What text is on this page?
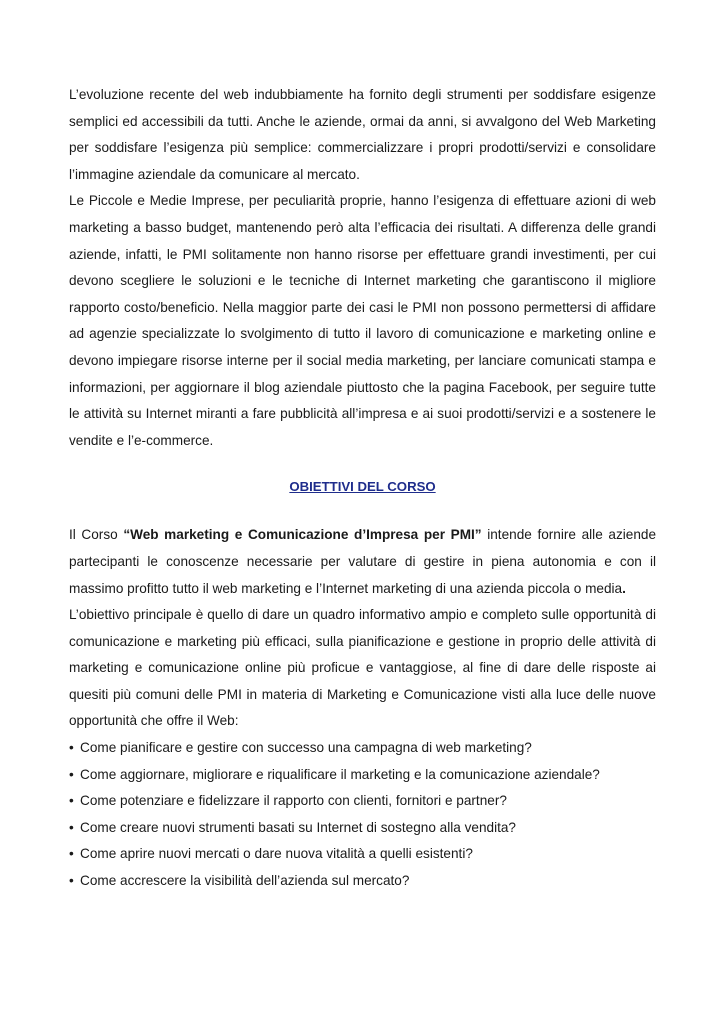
L’evoluzione recente del web indubbiamente ha fornito degli strumenti per soddisfare esigenze semplici ed accessibili da tutti. Anche le aziende, ormai da anni, si avvalgono del Web Marketing per soddisfare l’esigenza più semplice: commercializzare i propri prodotti/servizi e consolidare l’immagine aziendale da comunicare al mercato.

Le Piccole e Medie Imprese, per peculiarità proprie, hanno l’esigenza di effettuare azioni di web marketing a basso budget, mantenendo però alta l’efficacia dei risultati. A differenza delle grandi aziende, infatti, le PMI solitamente non hanno risorse per effettuare grandi investimenti, per cui devono scegliere le soluzioni e le tecniche di Internet marketing che garantiscono il migliore rapporto costo/beneficio. Nella maggior parte dei casi le PMI non possono permettersi di affidare ad agenzie specializzate lo svolgimento di tutto il lavoro di comunicazione e marketing online e devono impiegare risorse interne per il social media marketing, per lanciare comunicati stampa e informazioni, per aggiornare il blog aziendale piuttosto che la pagina Facebook, per seguire tutte le attività su Internet miranti a fare pubblicità all’impresa e ai suoi prodotti/servizi e a sostenere le vendite e l’e-commerce.

OBIETTIVI DEL CORSO

Il Corso “Web marketing e Comunicazione d’Impresa per PMI” intende fornire alle aziende partecipanti le conoscenze necessarie per valutare di gestire in piena autonomia e con il massimo profitto tutto il web marketing e l’Internet marketing di una azienda piccola o media.

L’obiettivo principale è quello di dare un quadro informativo ampio e completo sulle opportunità di comunicazione e marketing più efficaci, sulla pianificazione e gestione in proprio delle attività di marketing e comunicazione online più proficue e vantaggiose, al fine di dare delle risposte ai quesiti più comuni delle PMI in materia di Marketing e Comunicazione visti alla luce delle nuove opportunità che offre il Web:

• Come pianificare e gestire con successo una campagna di web marketing?
• Come aggiornare, migliorare e riqualificare il marketing e la comunicazione aziendale?
• Come potenziare e fidelizzare il rapporto con clienti, fornitori e partner?
• Come creare nuovi strumenti basati su Internet di sostegno alla vendita?
• Come aprire nuovi mercati o dare nuova vitalità a quelli esistenti?
• Come accrescere la visibilità dell’azienda sul mercato?
